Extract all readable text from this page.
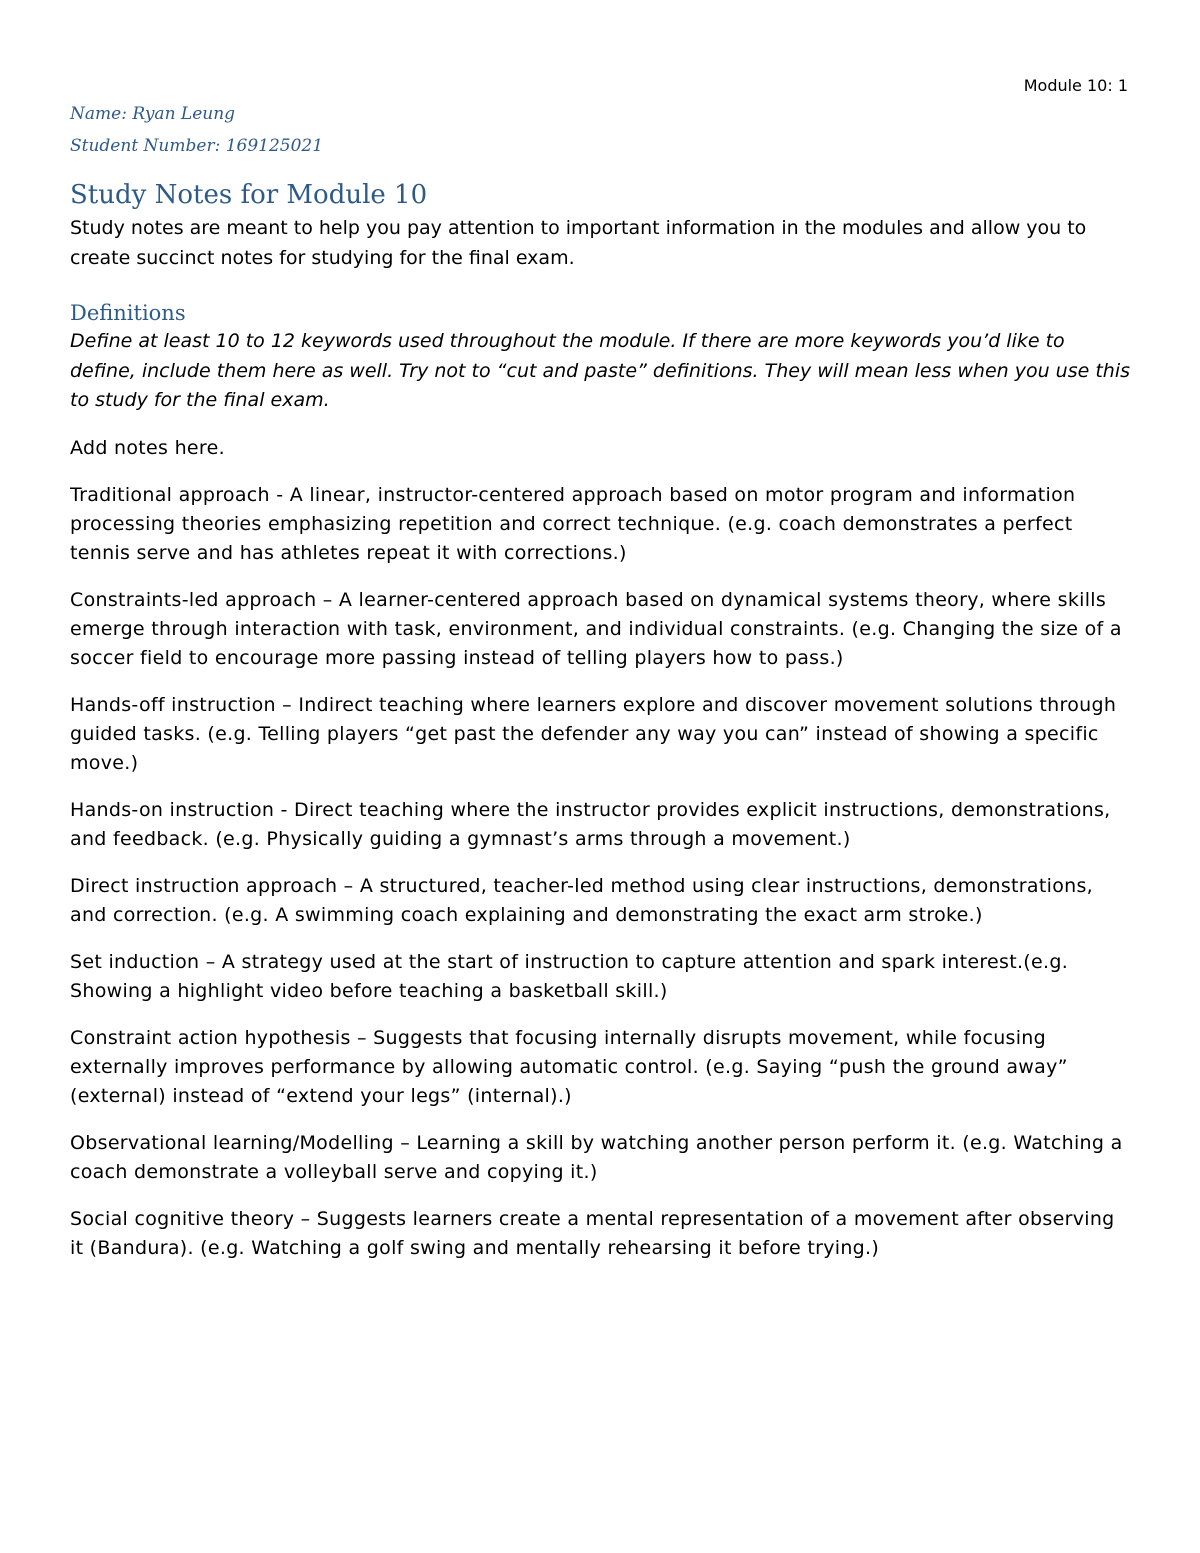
Module 10: 1
Name: Ryan Leung
Student Number: 169125021
Study Notes for Module 10
Study notes are meant to help you pay attention to important information in the modules and allow you to create succinct notes for studying for the final exam.
Definitions
Define at least 10 to 12 keywords used throughout the module. If there are more keywords you’d like to define, include them here as well. Try not to “cut and paste” definitions. They will mean less when you use this to study for the final exam.
Add notes here.
Traditional approach - A linear, instructor-centered approach based on motor program and information processing theories emphasizing repetition and correct technique. (e.g. coach demonstrates a perfect tennis serve and has athletes repeat it with corrections.)
Constraints-led approach – A learner-centered approach based on dynamical systems theory, where skills emerge through interaction with task, environment, and individual constraints. (e.g. Changing the size of a soccer field to encourage more passing instead of telling players how to pass.)
Hands-off instruction – Indirect teaching where learners explore and discover movement solutions through guided tasks. (e.g. Telling players “get past the defender any way you can” instead of showing a specific move.)
Hands-on instruction - Direct teaching where the instructor provides explicit instructions, demonstrations, and feedback. (e.g. Physically guiding a gymnast’s arms through a movement.)
Direct instruction approach – A structured, teacher-led method using clear instructions, demonstrations, and correction. (e.g. A swimming coach explaining and demonstrating the exact arm stroke.)
Set induction – A strategy used at the start of instruction to capture attention and spark interest.(e.g. Showing a highlight video before teaching a basketball skill.)
Constraint action hypothesis – Suggests that focusing internally disrupts movement, while focusing externally improves performance by allowing automatic control. (e.g. Saying “push the ground away” (external) instead of “extend your legs” (internal).)
Observational learning/Modelling – Learning a skill by watching another person perform it. (e.g. Watching a coach demonstrate a volleyball serve and copying it.)
Social cognitive theory – Suggests learners create a mental representation of a movement after observing it (Bandura). (e.g. Watching a golf swing and mentally rehearsing it before trying.)
